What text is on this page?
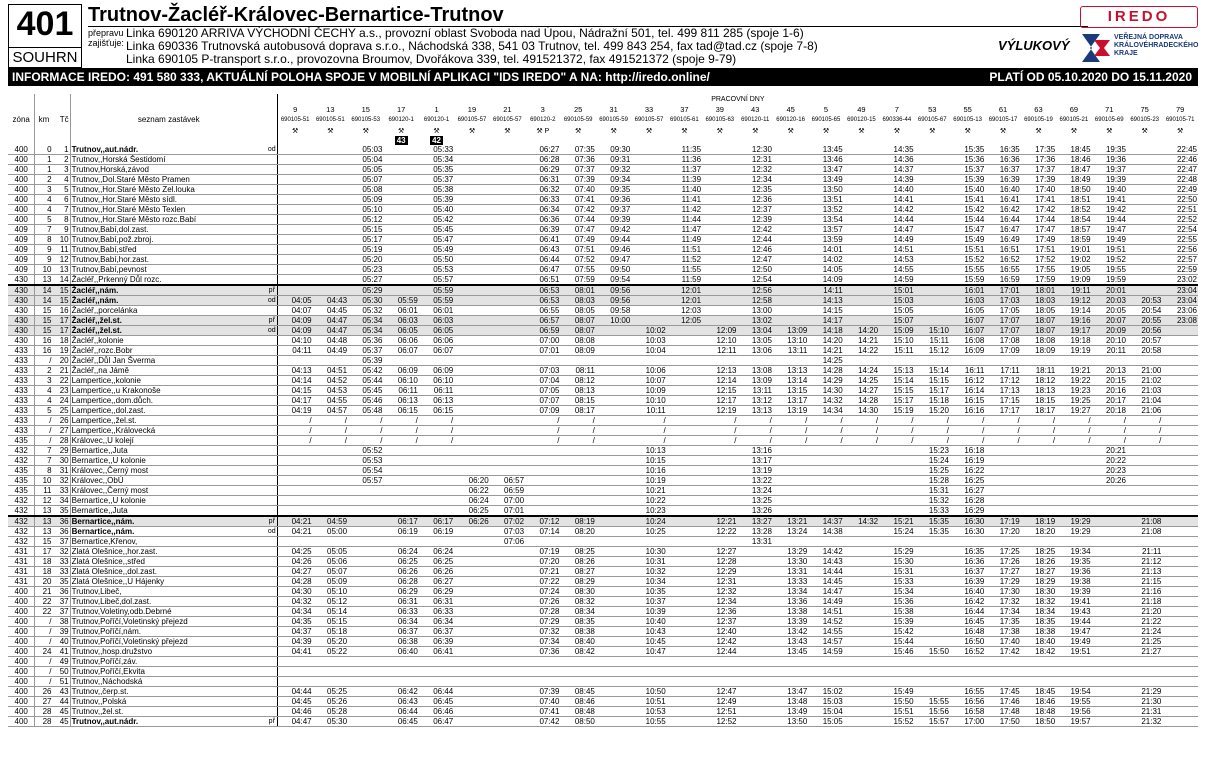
401
SOUHRN
Trutnov-Žacléř-Královec-Bernartice-Trutnov
přepravu zajišťuje:
Linka 690120 ARRIVA VÝCHODNÍ ČECHY a.s., provozní oblast Svoboda nad Úpou, Nádražní 501, tel. 499 811 285 (spoje 1-6)
Linka 690336 Trutnovská autobusová doprava s.r.o., Náchodská 338, 541 03 Trutnov, tel. 499 843 254, fax tad@tad.cz (spoje 7-8)
Linka 690105 P-transport s.r.o., provozovna Broumov, Dvořákova 339, tel. 491521372, fax 491521372 (spoje 9-79)
VÝLUKOVÝ
IREDO
VEŘEJNÁ DOPRAVA KRÁLOVÉHRADECKÉHO KRAJE
INFORMACE IREDO: 491 580 333, AKTUÁLNÍ POLOHA SPOJE V MOBILNÍ APLIKACI "IDS IREDO" A NA: http://iredo.online/	PLATÍ OD 05.10.2020 DO 15.11.2020
zóna	km	Tč	seznam zastávek		PRACOVNÍ DNY																									
					9	13	15	17	1	19	21	3	25	31	33	37	39	43	45	5	49	7	53	55	61	63	69	71	75	79
					690105-51	690105-51	690105-53	690120-1	690120-1	690105-57	690105-57	690120-2	690105-59	690105-59	690105-57	690105-61	690105-63	690120-11	690120-16	690105-65	690120-15	690336-44	690105-67	690105-13	690105-17	690105-19	690105-21	690105-69	690105-23	690105-71
					⚒	⚒	⚒	⚒	⚒	⚒	⚒	⚒ P	⚒	⚒	⚒	⚒	⚒	⚒	⚒	⚒	⚒	⚒	⚒	⚒	⚒	⚒	⚒	⚒	⚒	⚒
								43	42																					
400	0	1	Trutnov,,aut.nádr.	od			05:03		05:33			06:27	07:35	09:30		11:35		12:30		13:45		14:35		15:35	16:35	17:35	18:45	19:35		22:45
400	1	2	Trutnov,,Horská Šestidomí				05:04		05:34			06:28	07:36	09:31		11:36		12:31		13:46		14:36		15:36	16:36	17:36	18:46	19:36		22:46
400	1	3	Trutnov,Horská,závod				05:05		05:35			06:29	07:37	09:32		11:37		12:32		13:47		14:37		15:37	16:37	17:37	18:47	19:37		22:47
400	2	4	Trutnov,,Dol.Staré Město Pramen				05:07		05:37			06:31	07:39	09:34		11:39		12:34		13:49		14:39		15:39	16:39	17:39	18:49	19:39		22:48
400	3	5	Trutnov,,Hor.Staré Město Zel.louka				05:08		05:38			06:32	07:40	09:35		11:40		12:35		13:50		14:40		15:40	16:40	17:40	18:50	19:40		22:49
400	4	6	Trutnov,,Hor.Staré Město sídl.				05:09		05:39			06:33	07:41	09:36		11:41		12:36		13:51		14:41		15:41	16:41	17:41	18:51	19:41		22:50
400	4	7	Trutnov,,Hor.Staré Město Texlen				05:10		05:40			06:34	07:42	09:37		11:42		12:37		13:52		14:42		15:42	16:42	17:42	18:52	19:42		22:51
400	5	8	Trutnov,,Hor.Staré Město rozc.Babí				05:12		05:42			06:36	07:44	09:39		11:44		12:39		13:54		14:44		15:44	16:44	17:44	18:54	19:44		22:52
409	7	9	Trutnov,Babí,dol.zast.				05:15		05:45			06:39	07:47	09:42		11:47		12:42		13:57		14:47		15:47	16:47	17:47	18:57	19:47		22:54
409	8	10	Trutnov,Babí,pož.zbroj.				05:17		05:47			06:41	07:49	09:44		11:49		12:44		13:59		14:49		15:49	16:49	17:49	18:59	19:49		22:55
409	9	11	Trutnov,Babí,střed				05:19		05:49			06:43	07:51	09:46		11:51		12:46		14:01		14:51		15:51	16:51	17:51	19:01	19:51		22:56
409	9	12	Trutnov,Babí,hor.zast.				05:20		05:50			06:44	07:52	09:47		11:52		12:47		14:02		14:53		15:52	16:52	17:52	19:02	19:52		22:57
409	10	13	Trutnov,Babí,pevnost				05:23		05:53			06:47	07:55	09:50		11:55		12:50		14:05		14:55		15:55	16:55	17:55	19:05	19:55		22:59
430	13	14	Žacléř,,Prkenný Důl rozc.				05:27		05:57			06:51	07:59	09:54		11:59		12:54		14:09		14:59		15:59	16:59	17:59	19:09	19:59		23:02
430	14	15	Žacléř,,nám.	př			05:29		05:59			06:53	08:01	09:56		12:01		12:56		14:11		15:01		16:01	17:01	18:01	19:11	20:01		23:04
430	14	15	Žacléř,,nám.	od	04:05	04:43	05:30	05:59	05:59			06:53	08:03	09:56		12:01		12:58		14:13		15:03		16:03	17:03	18:03	19:12	20:03	20:53	23:04
430	15	16	Žacléř,,porcelánka		04:07	04:45	05:32	06:01	06:01			06:55	08:05	09:58		12:03		13:00		14:15		15:05		16:05	17:05	18:05	19:14	20:05	20:54	23:06
430	15	17	Žacléř,,žel.st.	př	04:09	04:47	05:34	06:03	06:03			06:57	08:07	10:00		12:05		13:02		14:17		15:07		16:07	17:07	18:07	19:16	20:07	20:55	23:08
430	15	17	Žacléř,,žel.st.	od	04:09	04:47	05:34	06:05	06:05			06:59	08:07		10:02		12:09	13:04	13:09	14:18	14:20	15:09	15:10	16:07	17:07	18:07	19:17	20:09	20:56	
430	16	18	Žacléř,,kolonie		04:10	04:48	05:36	06:06	06:06			07:00	08:08		10:03		12:10	13:05	13:10	14:20	14:21	15:10	15:11	16:08	17:08	18:08	19:18	20:10	20:57	
433	16	19	Žacléř,,rozc.Bobr		04:11	04:49	05:37	06:07	06:07			07:01	08:09		10:04		12:11	13:06	13:11	14:21	14:22	15:11	15:12	16:09	17:09	18:09	19:19	20:11	20:58	
433	/	20	Žacléř,,Důl Jan Šverma				05:39													14:25										
433	2	21	Žacléř,,na Jámě		04:13	04:51	05:42	06:09	06:09			07:03	08:11		10:06		12:13	13:08	13:13	14:28	14:24	15:13	15:14	16:11	17:11	18:11	19:21	20:13	21:00	
433	3	22	Lampertice,,kolonie		04:14	04:52	05:44	06:10	06:10			07:04	08:12		10:07		12:14	13:09	13:14	14:29	14:25	15:14	15:15	16:12	17:12	18:12	19:22	20:15	21:02	
433	4	23	Lampertice,,u Krakonoše		04:15	04:53	05:45	06:11	06:11			07:05	08:13		10:09		12:15	13:11	13:15	14:30	14:27	15:15	15:17	16:14	17:13	18:13	19:23	20:16	21:03	
433	4	24	Lampertice,,dom.důch.		04:17	04:55	05:46	06:13	06:13			07:07	08:15		10:10		12:17	13:12	13:17	14:32	14:28	15:17	15:18	16:15	17:15	18:15	19:25	20:17	21:04	
433	5	25	Lampertice,,dol.zast.		04:19	04:57	05:48	06:15	06:15			07:09	08:17		10:11		12:19	13:13	13:19	14:34	14:30	15:19	15:20	16:16	17:17	18:17	19:27	20:18	21:06	
433	/	26	Lampertice,,žel.st.		/	/	/	/	/			/	/		/		/	/	/	/	/	/	/	/	/	/	/	/	/	
433	/	27	Lampertice,,Královecká		/	/	/	/	/			/	/		/		/	/	/	/	/	/	/	/	/	/	/	/	/	
435	/	28	Královec,,U kolejí		/	/	/	/	/			/	/		/		/	/	/	/	/	/	/	/	/	/	/	/	/	
432	7	29	Bernartice,,Juta				05:52								10:13			13:16					15:23	16:18				20:21		
432	7	30	Bernartice,,U kolonie				05:53								10:15			13:17					15:24	16:19				20:22		
435	8	31	Královec,,Černý most				05:54								10:16			13:19					15:25	16:22				20:23		
435	10	32	Královec,,ObÚ				05:57			06:20	06:57				10:19			13:22					15:28	16:25				20:26		
435	11	33	Královec,,Černý most							06:22	06:59				10:21			13:24					15:31	16:27						
432	12	34	Bernartice,,U kolonie							06:24	07:00				10:22			13:25					15:32	16:28						
432	13	35	Bernartice,,Juta							06:25	07:01				10:23			13:26					15:33	16:29						
432	13	36	Bernartice,,nám.	př	04:21	04:59		06:17	06:17	06:26	07:02	07:12	08:19		10:24		12:21	13:27	13:21	14:37	14:32	15:21	15:35	16:30	17:19	18:19	19:29		21:08	
432	13	36	Bernartice,,nám.	od	04:21	05:00		06:19	06:19		07:03	07:14	08:20		10:25		12:22	13:28	13:24	14:38		15:24	15:35	16:30	17:20	18:20	19:29		21:08	
432	15	37	Bernartice,Křenov,								07:06							13:31												
431	17	32	Zlatá Olešnice,,hor.zast.		04:25	05:05		06:24	06:24			07:19	08:25		10:30		12:27		13:29	14:42		15:29		16:35	17:25	18:25	19:34		21:11	
431	18	33	Zlatá Olešnice,,střed		04:26	05:06		06:25	06:25			07:20	08:26		10:31		12:28		13:30	14:43		15:30		16:36	17:26	18:26	19:35		21:12	
431	18	33	Zlatá Olešnice,,dol.zast.		04:27	05:07		06:26	06:26			07:21	08:27		10:32		12:29		13:31	14:44		15:31		16:37	17:27	18:27	19:36		21:13	
431	20	35	Zlatá Olešnice,,U Hájenky		04:28	05:09		06:28	06:27			07:22	08:29		10:34		12:31		13:33	14:45		15:33		16:39	17:29	18:29	19:38		21:15	
400	21	36	Trutnov,Libeč,		04:30	05:10		06:29	06:29			07:24	08:30		10:35		12:32		13:34	14:47		15:34		16:40	17:30	18:30	19:39		21:16	
400	22	37	Trutnov,Libeč,dol.zast.		04:32	05:12		06:31	06:31			07:26	08:32		10:37		12:34		13:36	14:49		15:36		16:42	17:32	18:32	19:41		21:18	
400	22	37	Trutnov,Voletiny,odb.Debrné		04:34	05:14		06:33	06:33			07:28	08:34		10:39		12:36		13:38	14:51		15:38		16:44	17:34	18:34	19:43		21:20	
400	/	38	Trutnov,Poříčí,Voletinský přejezd		04:35	05:15		06:34	06:34			07:29	08:35		10:40		12:37		13:39	14:52		15:39		16:45	17:35	18:35	19:44		21:22	
400	/	39	Trutnov,Poříčí,nám.		04:37	05:18		06:37	06:37			07:32	08:38		10:43		12:40		13:42	14:55		15:42		16:48	17:38	18:38	19:47		21:24	
400	/	40	Trutnov,Poříčí,Voletinský přejezd		04:39	05:20		06:38	06:39			07:34	08:40		10:45		12:42		13:43	14:57		15:44		16:50	17:40	18:40	19:49		21:25	
400	24	41	Trutnov,,hosp.družstvo		04:41	05:22		06:40	06:41			07:36	08:42		10:47		12:44		13:45	14:59		15:46	15:50	16:52	17:42	18:42	19:51		21:27	
400	/	49	Trutnov,Poříčí,záv.																											
400	/	50	Trutnov,Poříčí,Ekvita																											
400	/	51	Trutnov,,Náchodská																											
400	26	43	Trutnov,,čerp.st.		04:44	05:25		06:42	06:44			07:39	08:45		10:50		12:47		13:47	15:02		15:49		16:55	17:45	18:45	19:54		21:29	
400	27	44	Trutnov,,Polská		04:45	05:26		06:43	06:45			07:40	08:46		10:51		12:49		13:48	15:03		15:50	15:55	16:56	17:46	18:46	19:55		21:30	
400	28	45	Trutnov,,žel.st.		04:46	05:28		06:44	06:46			07:41	08:48		10:53		12:51		13:49	15:04		15:51	15:56	16:58	17:48	18:48	19:56		21:31	
400	28	45	Trutnov,,aut.nádr.	př	04:47	05:30		06:45	06:47			07:42	08:50		10:55		12:52		13:50	15:05		15:52	15:57	17:00	17:50	18:50	19:57		21:32	
